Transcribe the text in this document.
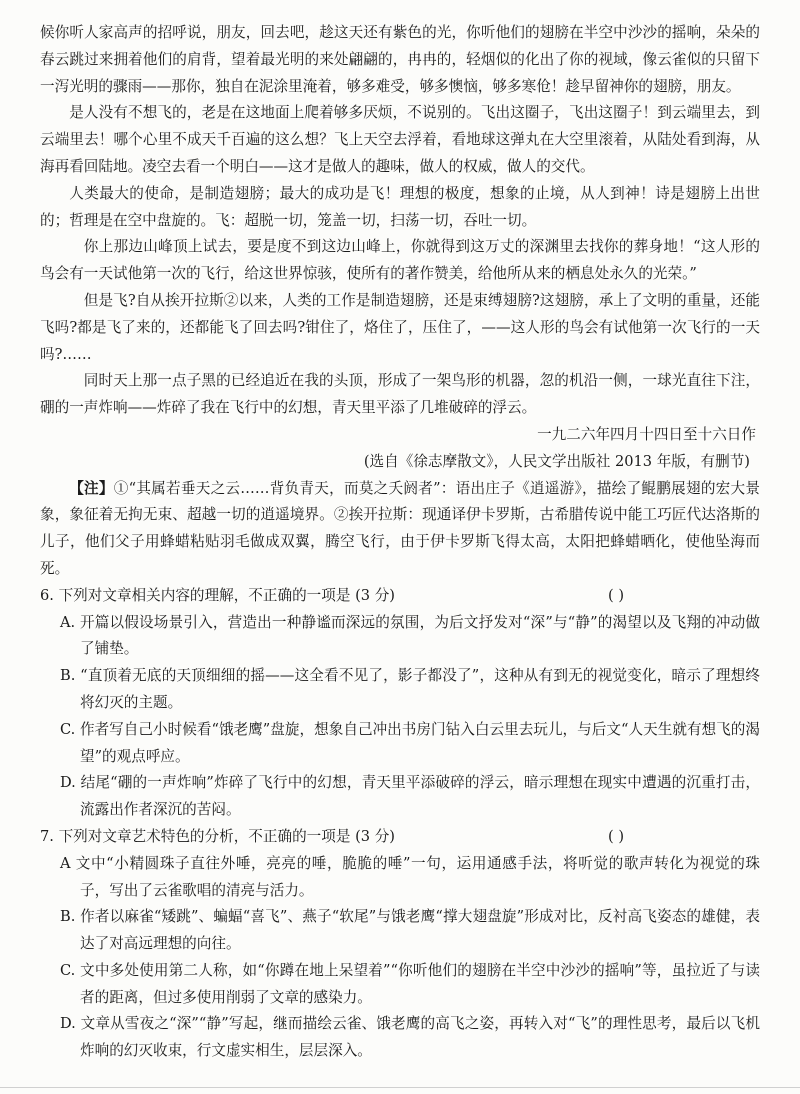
候你听人家高声的招呼说，朋友，回去吧，趁这天还有紫色的光，你听他们的翅膀在半空中沙沙的摇响，朵朵的春云跳过来拥着他们的肩背，望着最光明的来处翩翩的，冉冉的，轻烟似的化出了你的视域，像云雀似的只留下一泻光明的骤雨——那你，独自在泥涂里淹着，够多难受，够多懊恼，够多寒伧！趁早留神你的翅膀，朋友。

是人没有不想飞的，老是在这地面上爬着够多厌烦，不说别的。飞出这圈子，飞出这圈子！到云端里去，到云端里去！哪个心里不成天千百遍的这么想？飞上天空去浮着，看地球这弹丸在大空里滚着，从陆处看到海，从海再看回陆地。凌空去看一个明白——这才是做人的趣味，做人的权威，做人的交代。

人类最大的使命，是制造翅膀；最大的成功是飞！理想的极度，想象的止境，从人到神！诗是翅膀上出世的；哲理是在空中盘旋的。飞：超脱一切，笼盖一切，扫荡一切，吞吐一切。

你上那边山峰顶上试去，要是度不到这边山峰上，你就得到这万丈的深渊里去找你的葬身地！“这人形的鸟会有一天试他第一次的飞行，给这世界惊骇，使所有的著作赞美，给他所从来的栖息处永久的光荣。”

但是飞?自从挨开拉斯②以来，人类的工作是制造翅膀，还是束缚翅膀?这翅膀，承上了文明的重量，还能飞吗?都是飞了来的，还都能飞了回去吗?钳住了，烙住了，压住了，——这人形的鸟会有试他第一次飞行的一天吗?……

同时天上那一点子黑的已经追近在我的头顶，形成了一架鸟形的机器，忽的机沿一侧，一球光直往下注，硼的一声炸响——炸碎了我在飞行中的幻想，青天里平添了几堆破碎的浮云。

一九二六年四月十四日至十六日作

(选自《徐志摩散文》，人民文学出版社 2013 年版，有删节)

【注】①“其属若垂天之云……背负青天，而莫之夭阏者”：语出庄子《逍遥游》，描绘了鲲鹏展翅的宏大景象，象征着无拘无束、超越一切的逍遥境界。②挨开拉斯：现通译伊卡罗斯，古希腊传说中能工巧匠代达洛斯的儿子，他们父子用蜂蜡粘贴羽毛做成双翼，腾空飞行，由于伊卡罗斯飞得太高，太阳把蜂蜡晒化，使他坠海而死。

6. 下列对文章相关内容的理解，不正确的一项是 (3 分)	( )

A. 开篇以假设场景引入，营造出一种静谧而深远的氛围，为后文抒发对“深”与“静”的渴望以及飞翔的冲动做了铺垫。

B. “直顶着无底的天顶细细的摇——这全看不见了，影子都没了”，这种从有到无的视觉变化，暗示了理想终将幻灭的主题。

C. 作者写自己小时候看“饿老鹰”盘旋，想象自己冲出书房门钻入白云里去玩儿，与后文“人天生就有想飞的渴望”的观点呼应。

D. 结尾“硼的一声炸响”炸碎了飞行中的幻想，青天里平添破碎的浮云，暗示理想在现实中遭遇的沉重打击，流露出作者深沉的苦闷。

7. 下列对文章艺术特色的分析，不正确的一项是 (3 分)	( )

A 文中“小精圆珠子直往外唾，亮亮的唾，脆脆的唾”一句，运用通感手法，将听觉的歌声转化为视觉的珠子，写出了云雀歌唱的清亮与活力。

B. 作者以麻雀“矮跳”、蝙蝠“喜飞”、燕子“软尾”与饿老鹰“撑大翅盘旋”形成对比，反衬高飞姿态的雄健，表达了对高远理想的向往。

C. 文中多处使用第二人称，如“你蹲在地上呆望着”“你听他们的翅膀在半空中沙沙的摇响”等，虽拉近了与读者的距离，但过多使用削弱了文章的感染力。

D. 文章从雪夜之“深”“静”写起，继而描绘云雀、饿老鹰的高飞之姿，再转入对“飞”的理性思考，最后以飞机炸响的幻灭收束，行文虚实相生，层层深入。
